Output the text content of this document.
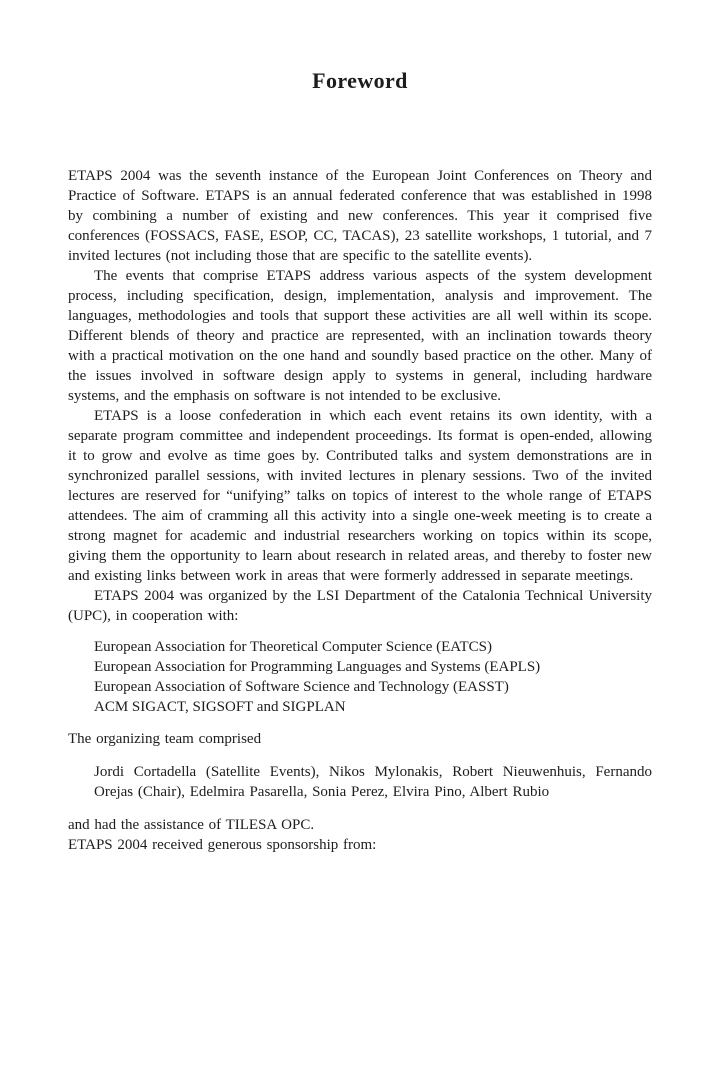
Foreword

ETAPS 2004 was the seventh instance of the European Joint Conferences on Theory and Practice of Software. ETAPS is an annual federated conference that was established in 1998 by combining a number of existing and new conferences. This year it comprised five conferences (FOSSACS, FASE, ESOP, CC, TACAS), 23 satellite workshops, 1 tutorial, and 7 invited lectures (not including those that are specific to the satellite events).

The events that comprise ETAPS address various aspects of the system development process, including specification, design, implementation, analysis and improvement. The languages, methodologies and tools that support these activities are all well within its scope. Different blends of theory and practice are represented, with an inclination towards theory with a practical motivation on the one hand and soundly based practice on the other. Many of the issues involved in software design apply to systems in general, including hardware systems, and the emphasis on software is not intended to be exclusive.

ETAPS is a loose confederation in which each event retains its own identity, with a separate program committee and independent proceedings. Its format is open-ended, allowing it to grow and evolve as time goes by. Contributed talks and system demonstrations are in synchronized parallel sessions, with invited lectures in plenary sessions. Two of the invited lectures are reserved for “unifying” talks on topics of interest to the whole range of ETAPS attendees. The aim of cramming all this activity into a single one-week meeting is to create a strong magnet for academic and industrial researchers working on topics within its scope, giving them the opportunity to learn about research in related areas, and thereby to foster new and existing links between work in areas that were formerly addressed in separate meetings.

ETAPS 2004 was organized by the LSI Department of the Catalonia Technical University (UPC), in cooperation with:

European Association for Theoretical Computer Science (EATCS)
European Association for Programming Languages and Systems (EAPLS)
European Association of Software Science and Technology (EASST)
ACM SIGACT, SIGSOFT and SIGPLAN

The organizing team comprised

Jordi Cortadella (Satellite Events), Nikos Mylonakis, Robert Nieuwenhuis, Fernando Orejas (Chair), Edelmira Pasarella, Sonia Perez, Elvira Pino, Albert Rubio

and had the assistance of TILESA OPC.

ETAPS 2004 received generous sponsorship from:
